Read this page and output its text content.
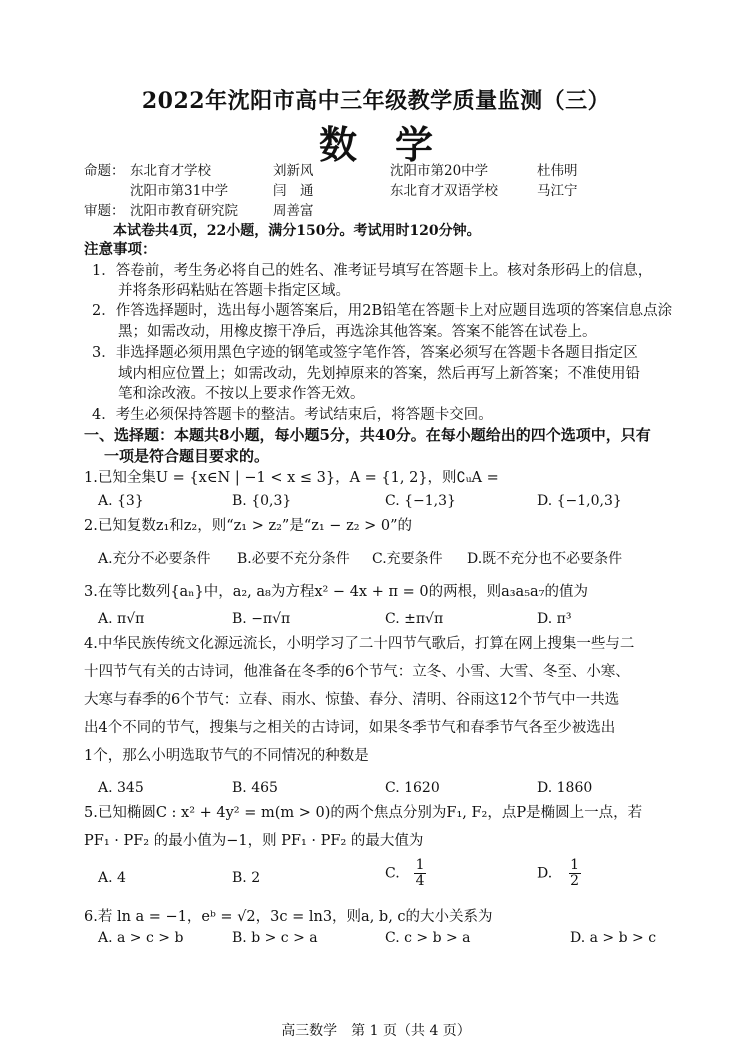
2022年沈阳市高中三年级教学质量监测（三）
数学
命题： 东北育才学校	刘新风	沈阳市第20中学	杜伟明
沈阳市第31中学	闫　通	东北育才双语学校	马江宁
审题： 沈阳市教育研究院	周善富
本试卷共4页，22小题，满分150分。考试用时120分钟。
注意事项：
1．答卷前，考生务必将自己的姓名、准考证号填写在答题卡上。核对条形码上的信息，
并将条形码粘贴在答题卡指定区域。
2．作答选择题时，选出每小题答案后，用2B铅笔在答题卡上对应题目选项的答案信息点涂
黑；如需改动，用橡皮擦干净后，再选涂其他答案。答案不能答在试卷上。
3．非选择题必须用黑色字迹的钢笔或签字笔作答，答案必须写在答题卡各题目指定区
域内相应位置上；如需改动，先划掉原来的答案，然后再写上新答案；不准使用铅
笔和涂改液。不按以上要求作答无效。
4．考生必须保持答题卡的整洁。考试结束后，将答题卡交回。
一、选择题：本题共8小题，每小题5分，共40分。在每小题给出的四个选项中，只有
一项是符合题目要求的。
1.已知全集U = {x∈N | −1 < x ≤ 3}，A = {1, 2}，则∁ᵤA =
A. {3}	B. {0,3}	C. {−1,3}	D. {−1,0,3}
2.已知复数z₁和z₂，则“z₁ > z₂”是“z₁ − z₂ > 0”的
A.充分不必要条件 B.必要不充分条件 C.充要条件 D.既不充分也不必要条件
3.在等比数列{aₙ}中，a₂, a₈为方程x² − 4x + π = 0的两根，则a₃a₅a₇的值为
A. π√π	B. −π√π	C. ±π√π	D. π³
4.中华民族传统文化源远流长，小明学习了二十四节气歌后，打算在网上搜集一些与二
十四节气有关的古诗词，他准备在冬季的6个节气：立冬、小雪、大雪、冬至、小寒、
大寒与春季的6个节气：立春、雨水、惊蛰、春分、清明、谷雨这12个节气中一共选
出4个不同的节气，搜集与之相关的古诗词，如果冬季节气和春季节气各至少被选出
1个，那么小明选取节气的不同情况的种数是
A. 345	B. 465	C. 1620	D. 1860
5.已知椭圆C : x² + 4y² = m(m > 0)的两个焦点分别为F₁, F₂，点P是椭圆上一点，若
PF₁ · PF₂ 的最小值为−1，则 PF₁ · PF₂ 的最大值为
A. 4	B. 2	C. $\frac{1}{4}$	D. $\frac{1}{2}$
6.若 ln a = −1，eᵇ = √2，3c = ln3，则a, b, c的大小关系为
A. a > c > b	B. b > c > a	C. c > b > a	D. a > b > c
高三数学　第 1 页（共 4 页）
